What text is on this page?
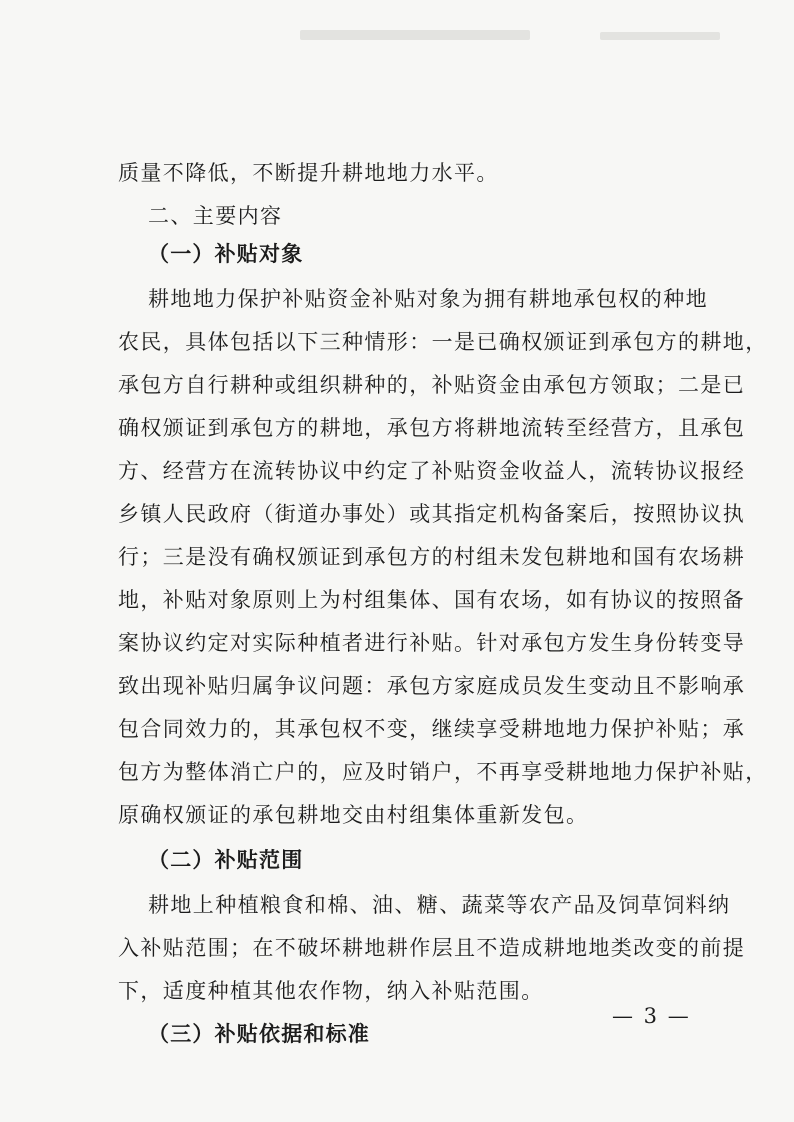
质量不降低，不断提升耕地地力水平。
二、主要内容
（一）补贴对象
耕地地力保护补贴资金补贴对象为拥有耕地承包权的种地
农民，具体包括以下三种情形：一是已确权颁证到承包方的耕地，
承包方自行耕种或组织耕种的，补贴资金由承包方领取；二是已
确权颁证到承包方的耕地，承包方将耕地流转至经营方，且承包
方、经营方在流转协议中约定了补贴资金收益人，流转协议报经
乡镇人民政府（街道办事处）或其指定机构备案后，按照协议执
行；三是没有确权颁证到承包方的村组未发包耕地和国有农场耕
地，补贴对象原则上为村组集体、国有农场，如有协议的按照备
案协议约定对实际种植者进行补贴。针对承包方发生身份转变导
致出现补贴归属争议问题：承包方家庭成员发生变动且不影响承
包合同效力的，其承包权不变，继续享受耕地地力保护补贴；承
包方为整体消亡户的，应及时销户，不再享受耕地地力保护补贴，
原确权颁证的承包耕地交由村组集体重新发包。
（二）补贴范围
耕地上种植粮食和棉、油、糖、蔬菜等农产品及饲草饲料纳
入补贴范围；在不破坏耕地耕作层且不造成耕地地类改变的前提
下，适度种植其他农作物，纳入补贴范围。
（三）补贴依据和标准
— 3 —
